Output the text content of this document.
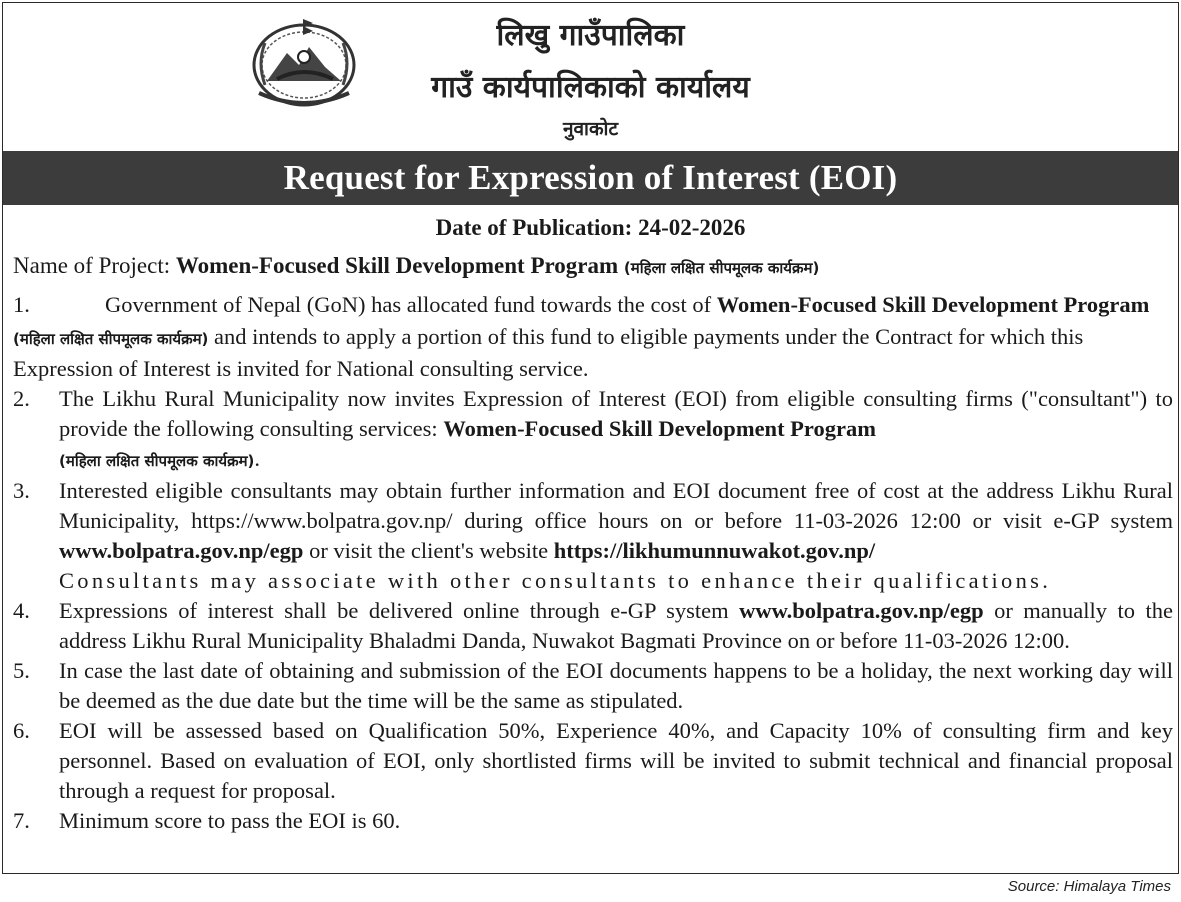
लिखु गाउँपालिका
गाउँ कार्यपालिकाको कार्यालय
नुवाकोट
Request for Expression of Interest (EOI)
Date of Publication: 24-02-2026
Name of Project: Women-Focused Skill Development Program (महिला लक्षित सीपमूलक कार्यक्रम)
1.	Government of Nepal (GoN) has allocated fund towards the cost of Women-Focused Skill Development Program (महिला लक्षित सीपमूलक कार्यक्रम) and intends to apply a portion of this fund to eligible payments under the Contract for which this Expression of Interest is invited for National consulting service.
2.	The Likhu Rural Municipality now invites Expression of Interest (EOI) from eligible consulting firms ("consultant") to provide the following consulting services: Women-Focused Skill Development Program
(महिला लक्षित सीपमूलक कार्यक्रम).
3.	Interested eligible consultants may obtain further information and EOI document free of cost at the address Likhu Rural Municipality, https://www.bolpatra.gov.np/ during office hours on or before 11-03-2026 12:00 or visit e-GP system www.bolpatra.gov.np/egp or visit the client's website https://likhumunnuwakot.gov.np/
Consultants may associate with other consultants to enhance their qualifications.
4.	Expressions of interest shall be delivered online through e-GP system www.bolpatra.gov.np/egp or manually to the address Likhu Rural Municipality Bhaladmi Danda, Nuwakot Bagmati Province on or before 11-03-2026 12:00.
5.	In case the last date of obtaining and submission of the EOI documents happens to be a holiday, the next working day will be deemed as the due date but the time will be the same as stipulated.
6.	EOI will be assessed based on Qualification 50%, Experience 40%, and Capacity 10% of consulting firm and key personnel. Based on evaluation of EOI, only shortlisted firms will be invited to submit technical and financial proposal through a request for proposal.
7.	Minimum score to pass the EOI is 60.
Source: Himalaya Times
